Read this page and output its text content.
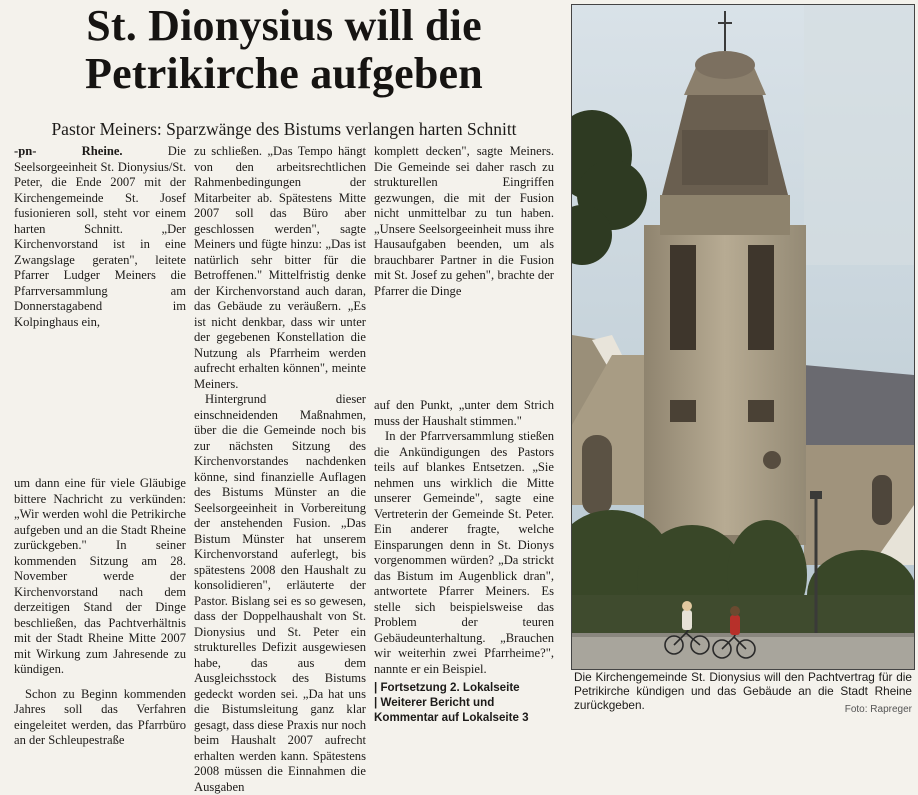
St. Dionysius will die
Petrikirche aufgeben
Pastor Meiners: Sparzwänge des Bistums verlangen harten Schnitt

-pn- Rheine. Die Seelsorgeeinheit St. Dionysius/St. Peter, die Ende 2007 mit der Kirchengemeinde St. Josef fusionieren soll, steht vor einem harten Schnitt. „Der Kirchenvorstand ist in eine Zwangslage geraten", leitete Pfarrer Ludger Meiners die Pfarrversammlung am Donnerstagabend im Kolpinghaus ein,

um dann eine für viele Gläubige bittere Nachricht zu verkünden: „Wir werden wohl die Petrikirche aufgeben und an die Stadt Rheine zurückgeben." In seiner kommenden Sitzung am 28. November werde der Kirchenvorstand nach dem derzeitigen Stand der Dinge beschließen, das Pachtverhältnis mit der Stadt Rheine Mitte 2007 mit Wirkung zum Jahresende zu kündigen.

Schon zu Beginn kommenden Jahres soll das Verfahren eingeleitet werden, das Pfarrbüro an der Schleupestraße

zu schließen. „Das Tempo hängt von den arbeitsrechtlichen Rahmenbedingungen der Mitarbeiter ab. Spätestens Mitte 2007 soll das Büro aber geschlossen werden", sagte Meiners und fügte hinzu: „Das ist natürlich sehr bitter für die Betroffenen." Mittelfristig denke der Kirchenvorstand auch daran, das Gebäude zu veräußern. „Es ist nicht denkbar, dass wir unter der gegebenen Konstellation die Nutzung als Pfarrheim werden aufrecht erhalten können", meinte Meiners.

Hintergrund dieser einschneidenden Maßnahmen, über die die Gemeinde noch bis zur nächsten Sitzung des Kirchenvorstandes nachdenken könne, sind finanzielle Auflagen des Bistums Münster an die Seelsorgeeinheit in Vorbereitung der anstehenden Fusion. „Das Bistum Münster hat unserem Kirchenvorstand auferlegt, bis spätestens 2008 den Haushalt zu konsolidieren", erläuterte der Pastor. Bislang sei es so gewesen, dass der Doppelhaushalt von St. Dionysius und St. Peter ein strukturelles Defizit ausgewiesen habe, das aus dem Ausgleichsstock des Bistums gedeckt worden sei. „Da hat uns die Bistumsleitung ganz klar gesagt, dass diese Praxis nur noch beim Haushalt 2007 aufrecht erhalten werden kann. Spätestens 2008 müssen die Einnahmen die Ausgaben

komplett decken", sagte Meiners. Die Gemeinde sei daher rasch zu strukturellen Eingriffen gezwungen, die mit der Fusion nicht unmittelbar zu tun haben. „Unsere Seelsorgeeinheit muss ihre Hausaufgaben beenden, um als brauchbarer Partner in die Fusion mit St. Josef zu gehen", brachte der Pfarrer die Dinge

auf den Punkt, „unter dem Strich muss der Haushalt stimmen."

In der Pfarrversammlung stießen die Ankündigungen des Pastors teils auf blankes Entsetzen. „Sie nehmen uns wirklich die Mitte unserer Gemeinde", sagte eine Vertreterin der Gemeinde St. Peter. Ein anderer fragte, welche Einsparungen denn in St. Dionys vorgenommen würden? „Da strickt das Bistum im Augenblick dran", antwortete Pfarrer Meiners. Es stelle sich beispielsweise das Problem der teuren Gebäudeunterhaltung. „Brauchen wir weiterhin zwei Pfarrheime?", nannte er ein Beispiel.

| Fortsetzung 2. Lokalseite
| Weiterer Bericht und Kommentar auf Lokalseite 3
Die Kirchengemeinde St. Dionysius will den Pachtvertrag für die Petrikirche kündigen und das Gebäude an die Stadt Rheine zurückgeben.	Foto: Rapreger
